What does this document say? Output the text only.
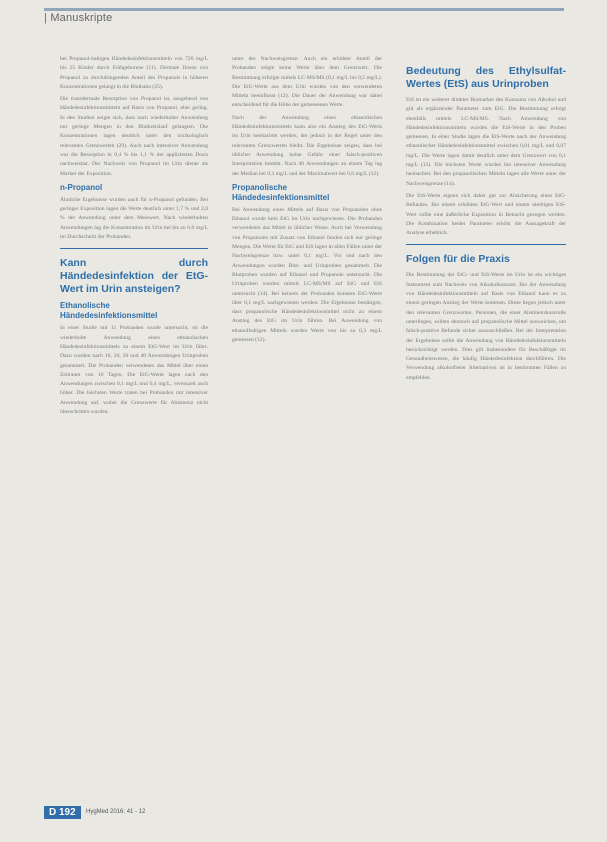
| Manuskripte

bei Propanol-haltigen Händedesinfektionsmitteln von 720 mg/L bis 25 Kinder durch Frühgeborene (11). Dermale Dosen von Propanol zu durchdringenden Anteil des Propanols in höheren Konzentrationen gelangt in die Blutbahn (25).

Die transdermale Resorption von Propanol ist, ausgehend von Händedesinfektionsmitteln auf Basis von Propanol, eher gering. In den Studien zeigte sich, dass nach wiederholter Anwendung nur geringe Mengen in den Blutkreislauf gelangten. Die Konzentrationen lagen deutlich unter den toxikologisch relevanten Grenzwerten (29). Auch nach intensiver Anwendung war die Resorption in 0,4 % bis 1,1 % der applizierten Dosis nachweisbar. Der Nachweis von Propanol im Urin diente als Marker der Exposition.

n-Propanol

Ähnliche Ergebnisse wurden auch für n-Propanol gefunden. Bei geringer Exposition lagen die Werte deutlich unter 1,7 % und 2,0 % der Anwendung unter dem Messwert. Nach wiederholten Anwendungen lag die Konzentration im Urin bei bis zu 6,0 mg/L im Durchschnitt der Probanden.

Kann durch Händedesinfektion der EtG-Wert im Urin ansteigen?
Ethanolische Händedesinfektionsmittel

In einer Studie mit 11 Probanden wurde untersucht, ob die wiederholte Anwendung eines ethanolischen Händedesinfektionsmittels zu einem EtG-Wert im Urin führt. Dazu wurden nach 10, 20, 30 und 40 Anwendungen Urinproben gesammelt. Die Probanden verwendeten das Mittel über einen Zeitraum von 10 Tagen. Die EtG-Werte lagen nach den Anwendungen zwischen 0,1 mg/L und 0,4 mg/L, vereinzelt auch höher. Die höchsten Werte traten bei Probanden mit intensiver Anwendung auf, wobei die Grenzwerte für Abstinenz nicht überschritten wurden.

unter der Nachweisgrenze. Auch ein erhöhter Anteil der Probanden zeigte keine Werte über dem Grenzwert. Die Bestimmung erfolgte mittels LC-MS/MS (0,1 mg/L bis 0,5 mg/L). Die EtG-Werte aus dem Urin wurden von den verwendeten Mitteln beeinflusst (12). Die Dauer der Anwendung war dabei entscheidend für die Höhe der gemessenen Werte.

Nach der Anwendung eines ethanolischen Händedesinfektionsmittels kann also ein Anstieg des EtG-Werts im Urin beobachtet werden, der jedoch in der Regel unter den relevanten Grenzwerten bleibt. Die Ergebnisse zeigen, dass bei üblicher Anwendung keine Gefahr einer falsch-positiven Interpretation besteht. Nach 40 Anwendungen an einem Tag lag der Median bei 0,3 mg/L und der Maximalwert bei 0,6 mg/L (12).

Propanolische Händedesinfektionsmittel

Bei Anwendung eines Mittels auf Basis von Propanolen ohne Ethanol wurde kein EtG im Urin nachgewiesen. Die Probanden verwendeten das Mittel in üblicher Weise. Auch bei Verwendung von Propanolen mit Zusatz von Ethanol fanden sich nur geringe Mengen. Die Werte für EtG und EtS lagen in allen Fällen unter der Nachweisgrenze bzw. unter 0,1 mg/L. Vor und nach den Anwendungen wurden Blut- und Urinproben gesammelt. Die Blutproben wurden auf Ethanol und Propanole untersucht. Die Urinproben wurden mittels LC-MS/MS auf EtG und EtS untersucht (14). Bei keinem der Probanden konnten EtG-Werte über 0,1 mg/L nachgewiesen werden. Die Ergebnisse bestätigen, dass propanolische Händedesinfektionsmittel nicht zu einem Anstieg des EtG im Urin führen. Bei Anwendung von ethanolhaltigen Mitteln wurden Werte von bis zu 0,3 mg/L gemessen (12).

Bedeutung des Ethylsulfat-Wertes (EtS) aus Urinproben

EtS ist ein weiterer direkter Biomarker des Konsums von Alkohol und gilt als ergänzender Parameter zum EtG. Die Bestimmung erfolgt ebenfalls mittels LC-MS/MS. Nach Anwendung von Händedesinfektionsmitteln wurden die EtS-Werte in den Proben gemessen. In einer Studie lagen die EtS-Werte nach der Anwendung ethanolischer Händedesinfektionsmittel zwischen 0,01 mg/L und 0,07 mg/L. Die Werte lagen damit deutlich unter dem Grenzwert von 0,1 mg/L (13). Die höchsten Werte wurden bei intensiver Anwendung beobachtet. Bei den propanolischen Mitteln lagen alle Werte unter der Nachweisgrenze (14).

Die EtS-Werte eignen sich daher gut zur Absicherung eines EtG-Befundes. Bei einem erhöhten EtG-Wert und einem niedrigen EtS-Wert sollte eine äußerliche Exposition in Betracht gezogen werden. Die Kombination beider Parameter erhöht die Aussagekraft der Analyse erheblich.

Folgen für die Praxis

Die Bestimmung der EtG- und EtS-Werte im Urin ist ein wichtiges Instrument zum Nachweis von Alkoholkonsum. Bei der Anwendung von Händedesinfektionsmitteln auf Basis von Ethanol kann es zu einem geringen Anstieg der Werte kommen. Diese liegen jedoch unter den relevanten Grenzwerten. Personen, die einer Abstinenzkontrolle unterliegen, sollten dennoch auf propanolische Mittel ausweichen, um falsch-positive Befunde sicher auszuschließen. Bei der Interpretation der Ergebnisse sollte die Anwendung von Händedesinfektionsmitteln berücksichtigt werden. Dies gilt insbesondere für Beschäftigte im Gesundheitswesen, die häufig Händedesinfektion durchführen. Die Verwendung alkoholfreier Alternativen ist in bestimmten Fällen zu empfehlen.

D 192	HygMed 2016; 41 - 12
